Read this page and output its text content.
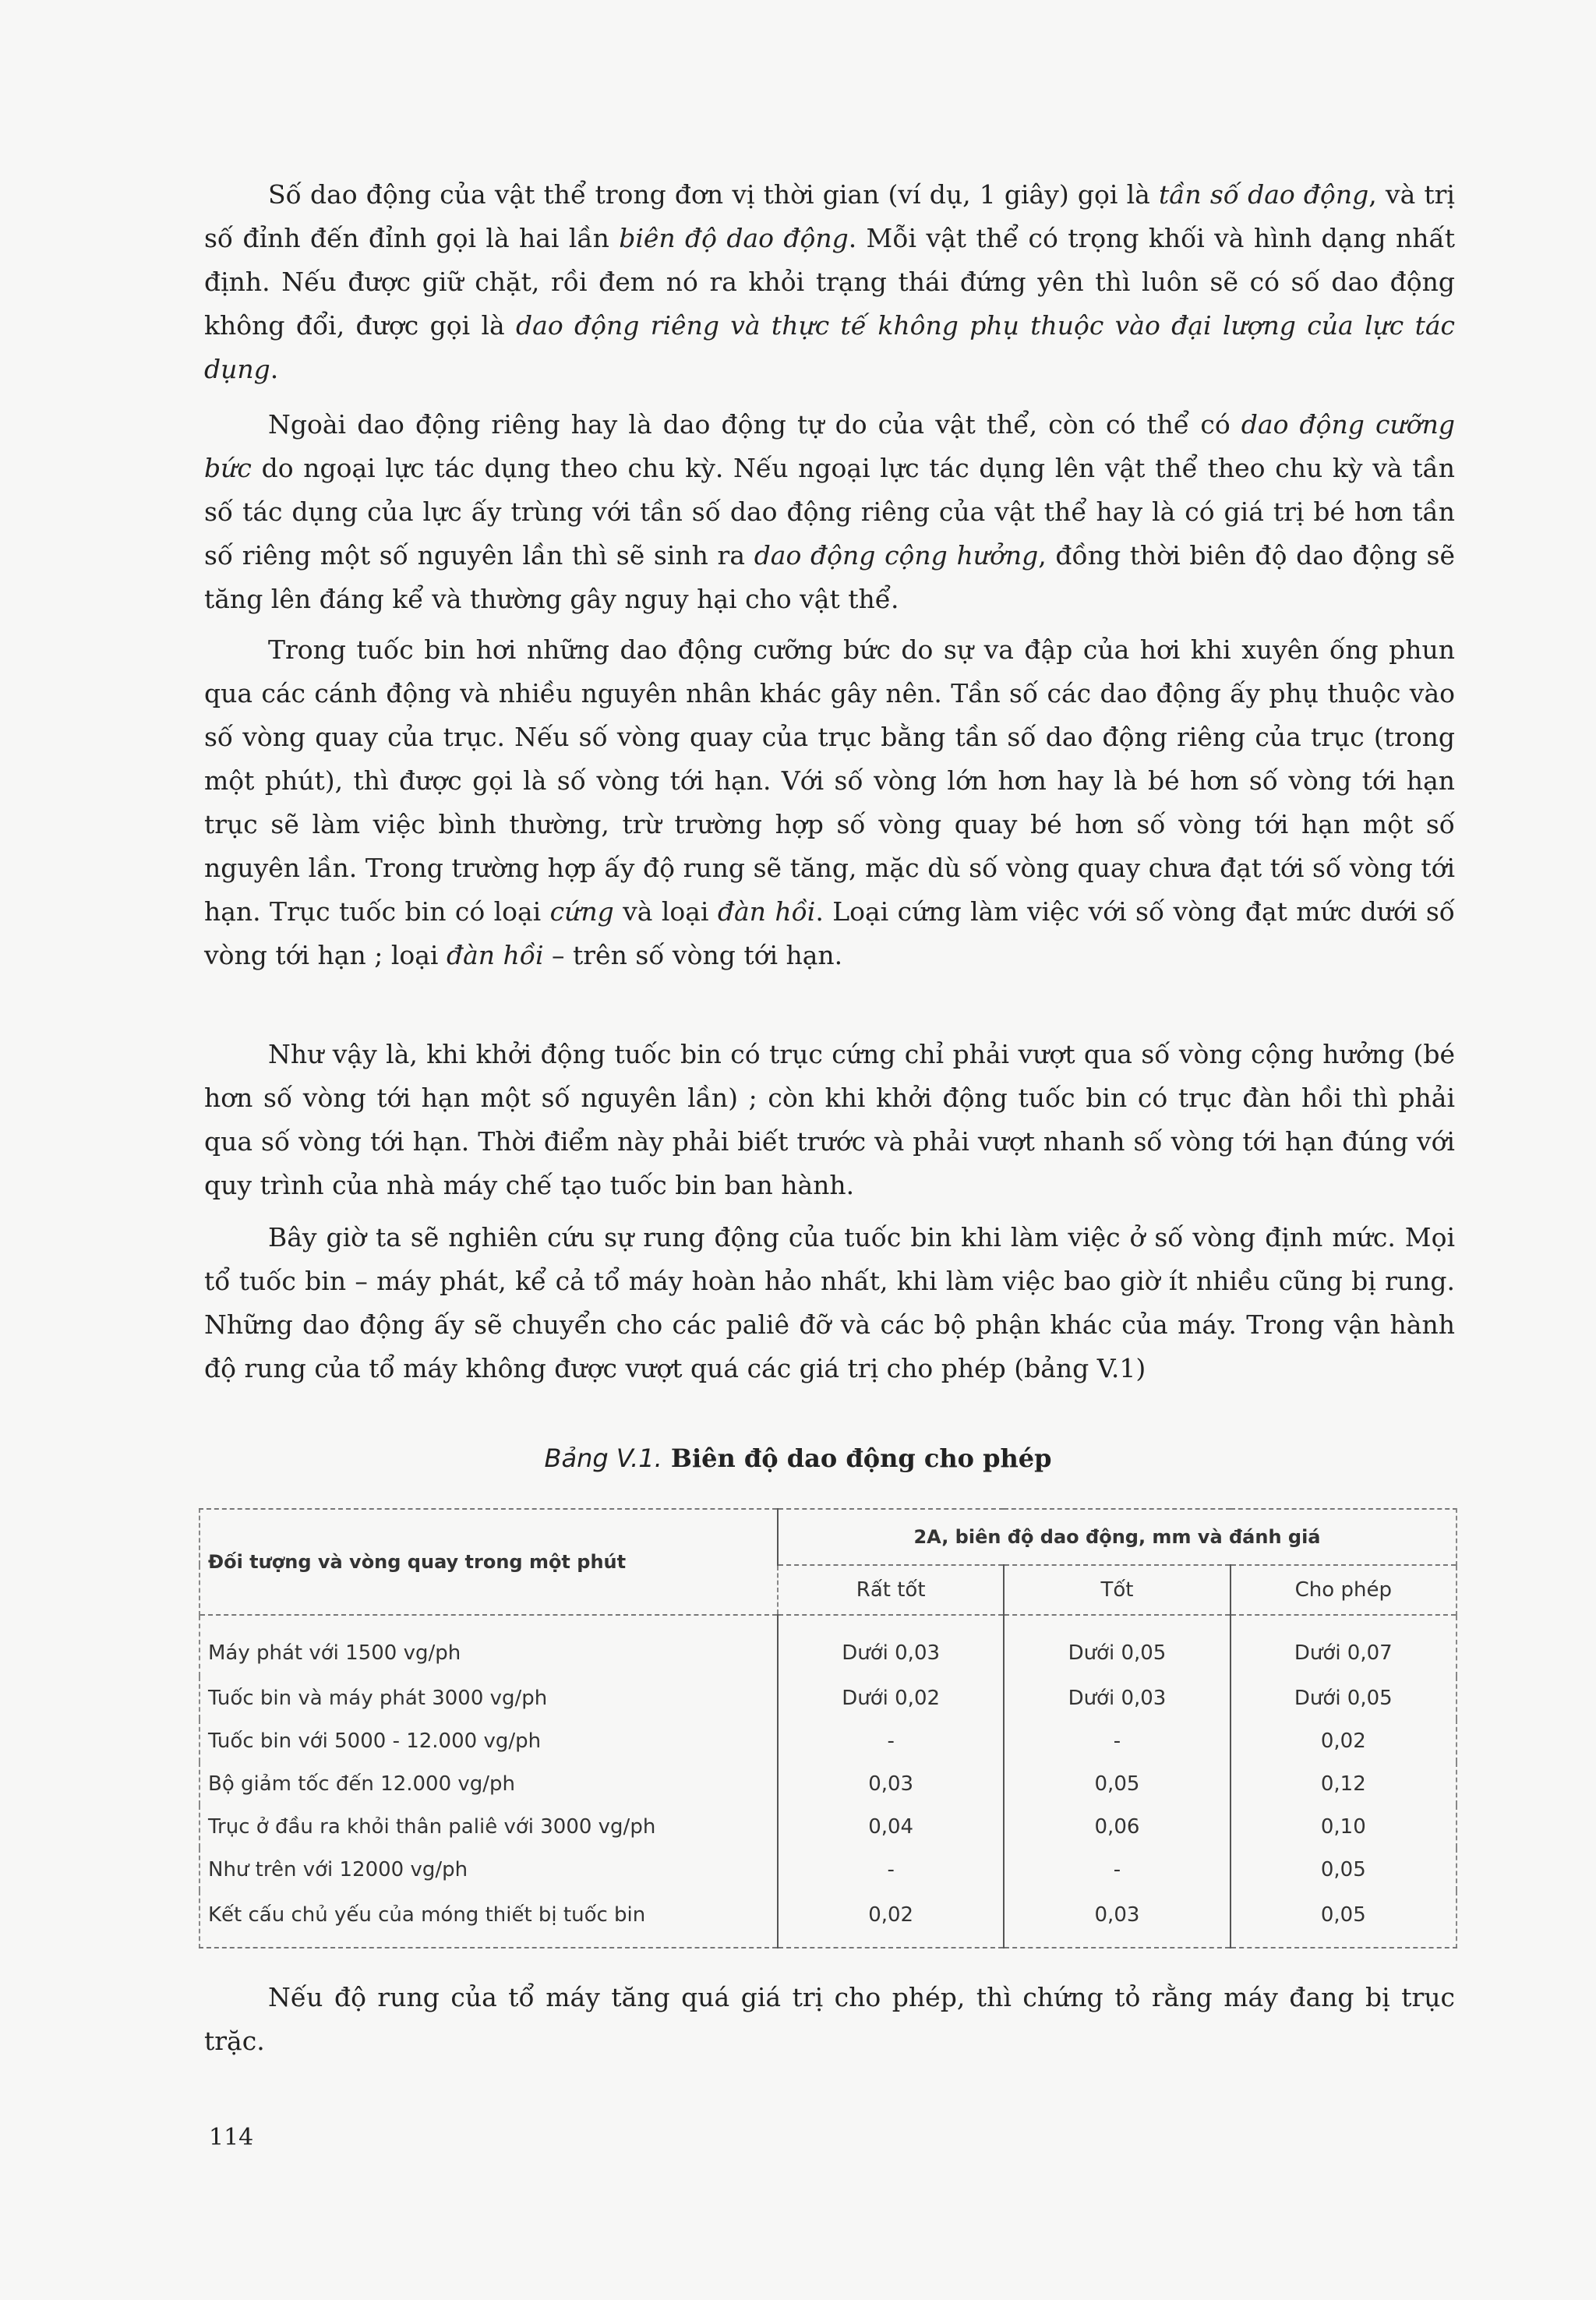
Số dao động của vật thể trong đơn vị thời gian (ví dụ, 1 giây) gọi là tần số dao động, và trị số đỉnh đến đỉnh gọi là hai lần biên độ dao động. Mỗi vật thể có trọng khối và hình dạng nhất định. Nếu được giữ chặt, rồi đem nó ra khỏi trạng thái đứng yên thì luôn sẽ có số dao động không đổi, được gọi là dao động riêng và thực tế không phụ thuộc vào đại lượng của lực tác dụng.

Ngoài dao động riêng hay là dao động tự do của vật thể, còn có thể có dao động cưỡng bức do ngoại lực tác dụng theo chu kỳ. Nếu ngoại lực tác dụng lên vật thể theo chu kỳ và tần số tác dụng của lực ấy trùng với tần số dao động riêng của vật thể hay là có giá trị bé hơn tần số riêng một số nguyên lần thì sẽ sinh ra dao động cộng hưởng, đồng thời biên độ dao động sẽ tăng lên đáng kể và thường gây nguy hại cho vật thể.

Trong tuốc bin hơi những dao động cưỡng bức do sự va đập của hơi khi xuyên ống phun qua các cánh động và nhiều nguyên nhân khác gây nên. Tần số các dao động ấy phụ thuộc vào số vòng quay của trục. Nếu số vòng quay của trục bằng tần số dao động riêng của trục (trong một phút), thì được gọi là số vòng tới hạn. Với số vòng lớn hơn hay là bé hơn số vòng tới hạn trục sẽ làm việc bình thường, trừ trường hợp số vòng quay bé hơn số vòng tới hạn một số nguyên lần. Trong trường hợp ấy độ rung sẽ tăng, mặc dù số vòng quay chưa đạt tới số vòng tới hạn. Trục tuốc bin có loại cứng và loại đàn hồi. Loại cứng làm việc với số vòng đạt mức dưới số vòng tới hạn ; loại đàn hồi – trên số vòng tới hạn.

Như vậy là, khi khởi động tuốc bin có trục cứng chỉ phải vượt qua số vòng cộng hưởng (bé hơn số vòng tới hạn một số nguyên lần) ; còn khi khởi động tuốc bin có trục đàn hồi thì phải qua số vòng tới hạn. Thời điểm này phải biết trước và phải vượt nhanh số vòng tới hạn đúng với quy trình của nhà máy chế tạo tuốc bin ban hành.

Bây giờ ta sẽ nghiên cứu sự rung động của tuốc bin khi làm việc ở số vòng định mức. Mọi tổ tuốc bin – máy phát, kể cả tổ máy hoàn hảo nhất, khi làm việc bao giờ ít nhiều cũng bị rung. Những dao động ấy sẽ chuyển cho các paliê đỡ và các bộ phận khác của máy. Trong vận hành độ rung của tổ máy không được vượt quá các giá trị cho phép (bảng V.1)

Bảng V.1. Biên độ dao động cho phép
Đối tượng và vòng quay trong một phút	2A, biên độ dao động, mm và đánh giá		
	Rất tốt	Tốt	Cho phép
Máy phát với 1500 vg/ph	Dưới 0,03	Dưới 0,05	Dưới 0,07
Tuốc bin và máy phát 3000 vg/ph	Dưới 0,02	Dưới 0,03	Dưới 0,05
Tuốc bin với 5000 - 12.000 vg/ph	-	-	0,02
Bộ giảm tốc đến 12.000 vg/ph	0,03	0,05	0,12
Trục ở đầu ra khỏi thân paliê với 3000 vg/ph	0,04	0,06	0,10
Như trên với 12000 vg/ph	-	-	0,05
Kết cấu chủ yếu của móng thiết bị tuốc bin	0,02	0,03	0,05

Nếu độ rung của tổ máy tăng quá giá trị cho phép, thì chứng tỏ rằng máy đang bị trục trặc.

114
